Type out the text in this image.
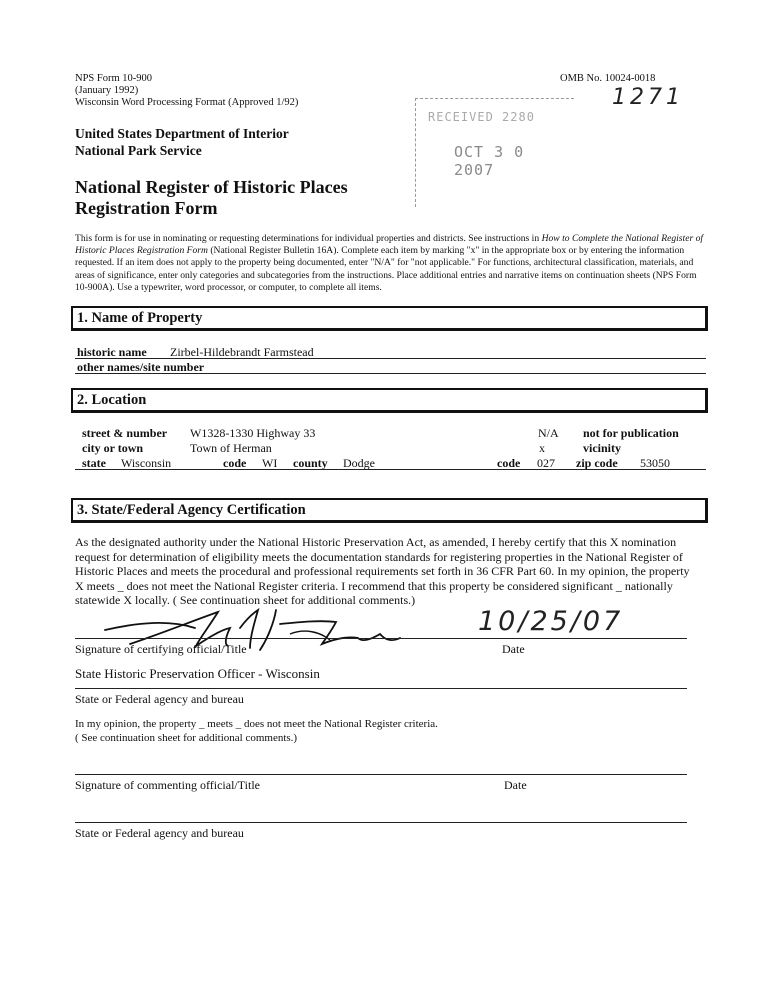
NPS Form 10-900
(January 1992)
Wisconsin Word Processing Format (Approved 1/92)
OMB No. 10024-0018
1271
RECEIVED 2280
OCT 3 0 2007
United States Department of Interior
National Park Service
National Register of Historic Places
Registration Form
This form is for use in nominating or requesting determinations for individual properties and districts. See instructions in How to Complete the National Register of Historic Places Registration Form (National Register Bulletin 16A). Complete each item by marking "x" in the appropriate box or by entering the information requested. If an item does not apply to the property being documented, enter "N/A" for "not applicable." For functions, architectural classification, materials, and areas of significance, enter only categories and subcategories from the instructions. Place additional entries and narrative items on continuation sheets (NPS Form 10-900A). Use a typewriter, word processor, or computer, to complete all items.
1. Name of Property
historic name Zirbel-Hildebrandt Farmstead
other names/site number
2. Location
street & number W1328-1330 Highway 33	N/A not for publication
city or town	Town of Herman	x	vicinity
state Wisconsin	code WI county Dodge	code 027 zip code 53050
3. State/Federal Agency Certification
As the designated authority under the National Historic Preservation Act, as amended, I hereby certify that this X nomination request for determination of eligibility meets the documentation standards for registering properties in the National Register of Historic Places and meets the procedural and professional requirements set forth in 36 CFR Part 60. In my opinion, the property X meets _ does not meet the National Register criteria. I recommend that this property be considered significant _ nationally statewide X locally. ( See continuation sheet for additional comments.)
10/25/07
Signature of certifying official/Title	Date
State Historic Preservation Officer - Wisconsin
State or Federal agency and bureau
In my opinion, the property _ meets _ does not meet the National Register criteria.
( See continuation sheet for additional comments.)
Signature of commenting official/Title	Date
State or Federal agency and bureau
